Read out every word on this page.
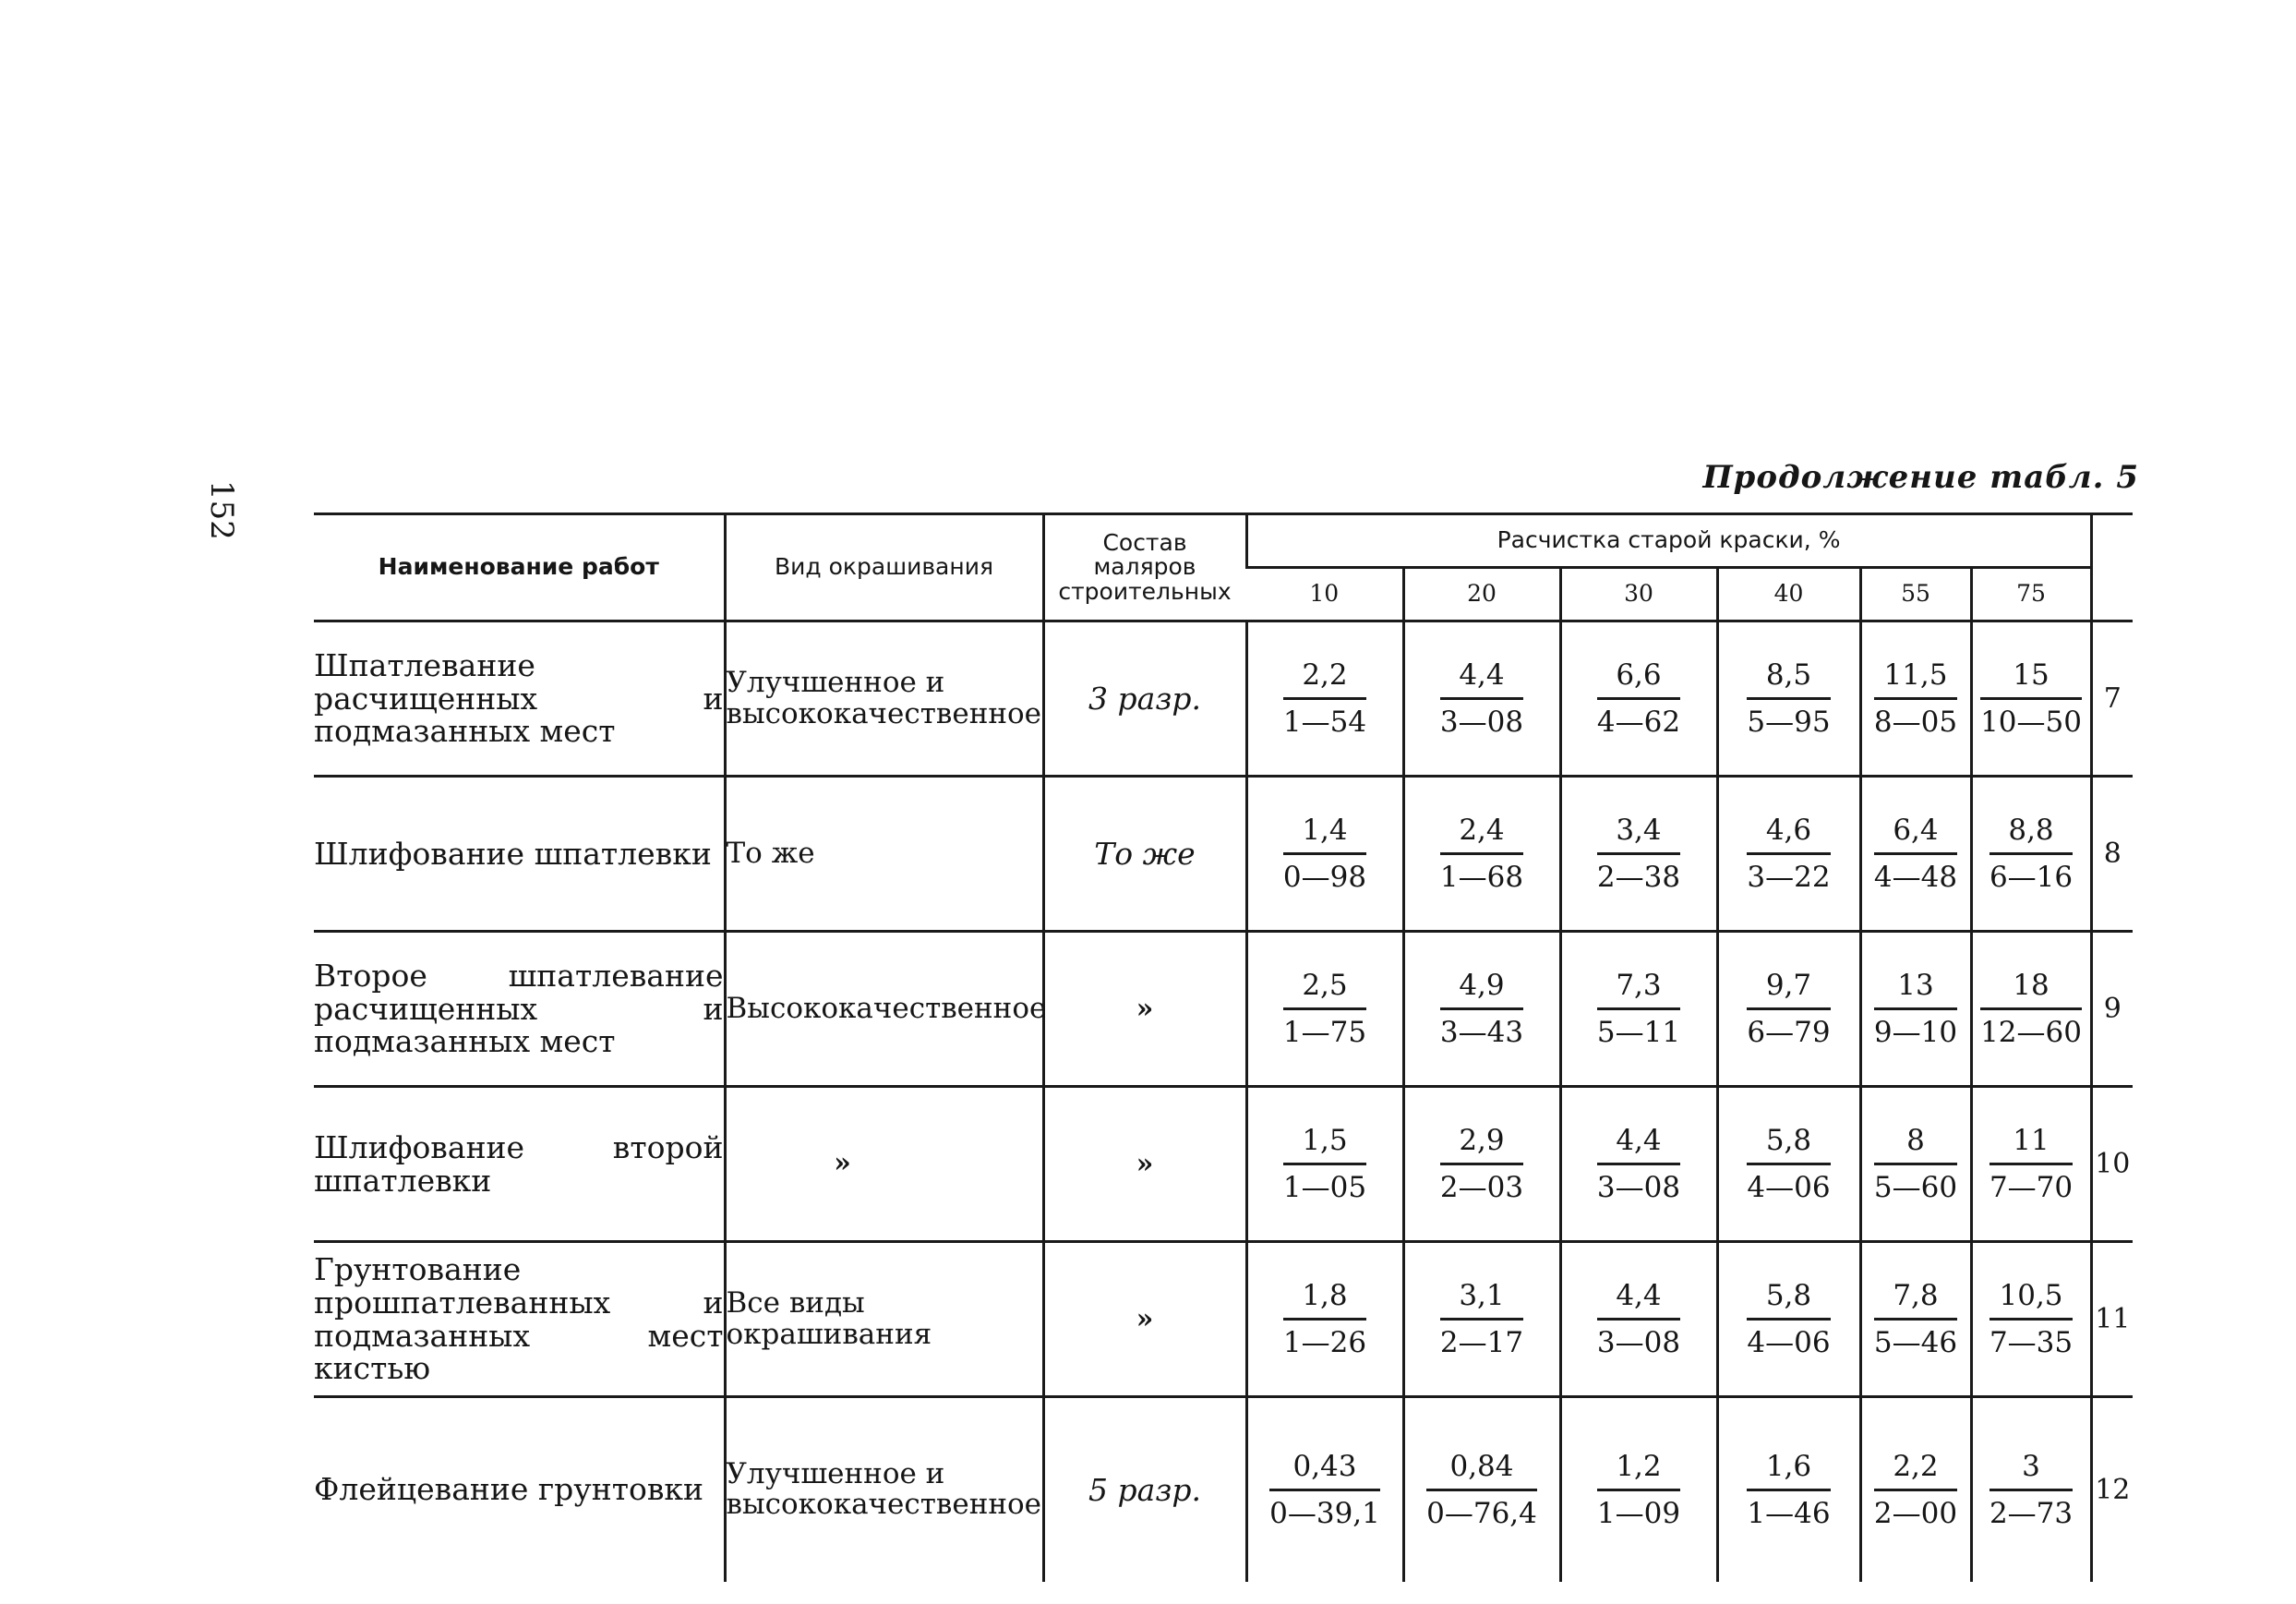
152
Продолжение табл. 5
Наименование работ	Вид окрашивания	Состав маляров строительных	Расчистка старой краски, %						
			10	20	30	40	55	75	
Шпатлевание расчищенных и подмазанных мест	Улучшенное и высококачественное	3 разр.	$\frac{2,2}{1—54}$	$\frac{4,4}{3—08}$	$\frac{6,6}{4—62}$	$\frac{8,5}{5—95}$	$\frac{11,5}{8—05}$	$\frac{15}{10—50}$	7
Шлифование шпатлевки	То же	То же	$\frac{1,4}{0—98}$	$\frac{2,4}{1—68}$	$\frac{3,4}{2—38}$	$\frac{4,6}{3—22}$	$\frac{6,4}{4—48}$	$\frac{8,8}{6—16}$	8
Второе шпатлевание расчищенных и подмазанных мест	Высококачественное	»	$\frac{2,5}{1—75}$	$\frac{4,9}{3—43}$	$\frac{7,3}{5—11}$	$\frac{9,7}{6—79}$	$\frac{13}{9—10}$	$\frac{18}{12—60}$	9
Шлифование второй шпатлевки	»	»	$\frac{1,5}{1—05}$	$\frac{2,9}{2—03}$	$\frac{4,4}{3—08}$	$\frac{5,8}{4—06}$	$\frac{8}{5—60}$	$\frac{11}{7—70}$	10
Грунтование прошпатлеванных и подмазанных мест кистью	Все виды окрашивания	»	$\frac{1,8}{1—26}$	$\frac{3,1}{2—17}$	$\frac{4,4}{3—08}$	$\frac{5,8}{4—06}$	$\frac{7,8}{5—46}$	$\frac{10,5}{7—35}$	11
Флейцевание грунтовки	Улучшенное и высококачественное	5 разр.	$\frac{0,43}{0—39,1}$	$\frac{0,84}{0—76,4}$	$\frac{1,2}{1—09}$	$\frac{1,6}{1—46}$	$\frac{2,2}{2—00}$	$\frac{3}{2—73}$	12
